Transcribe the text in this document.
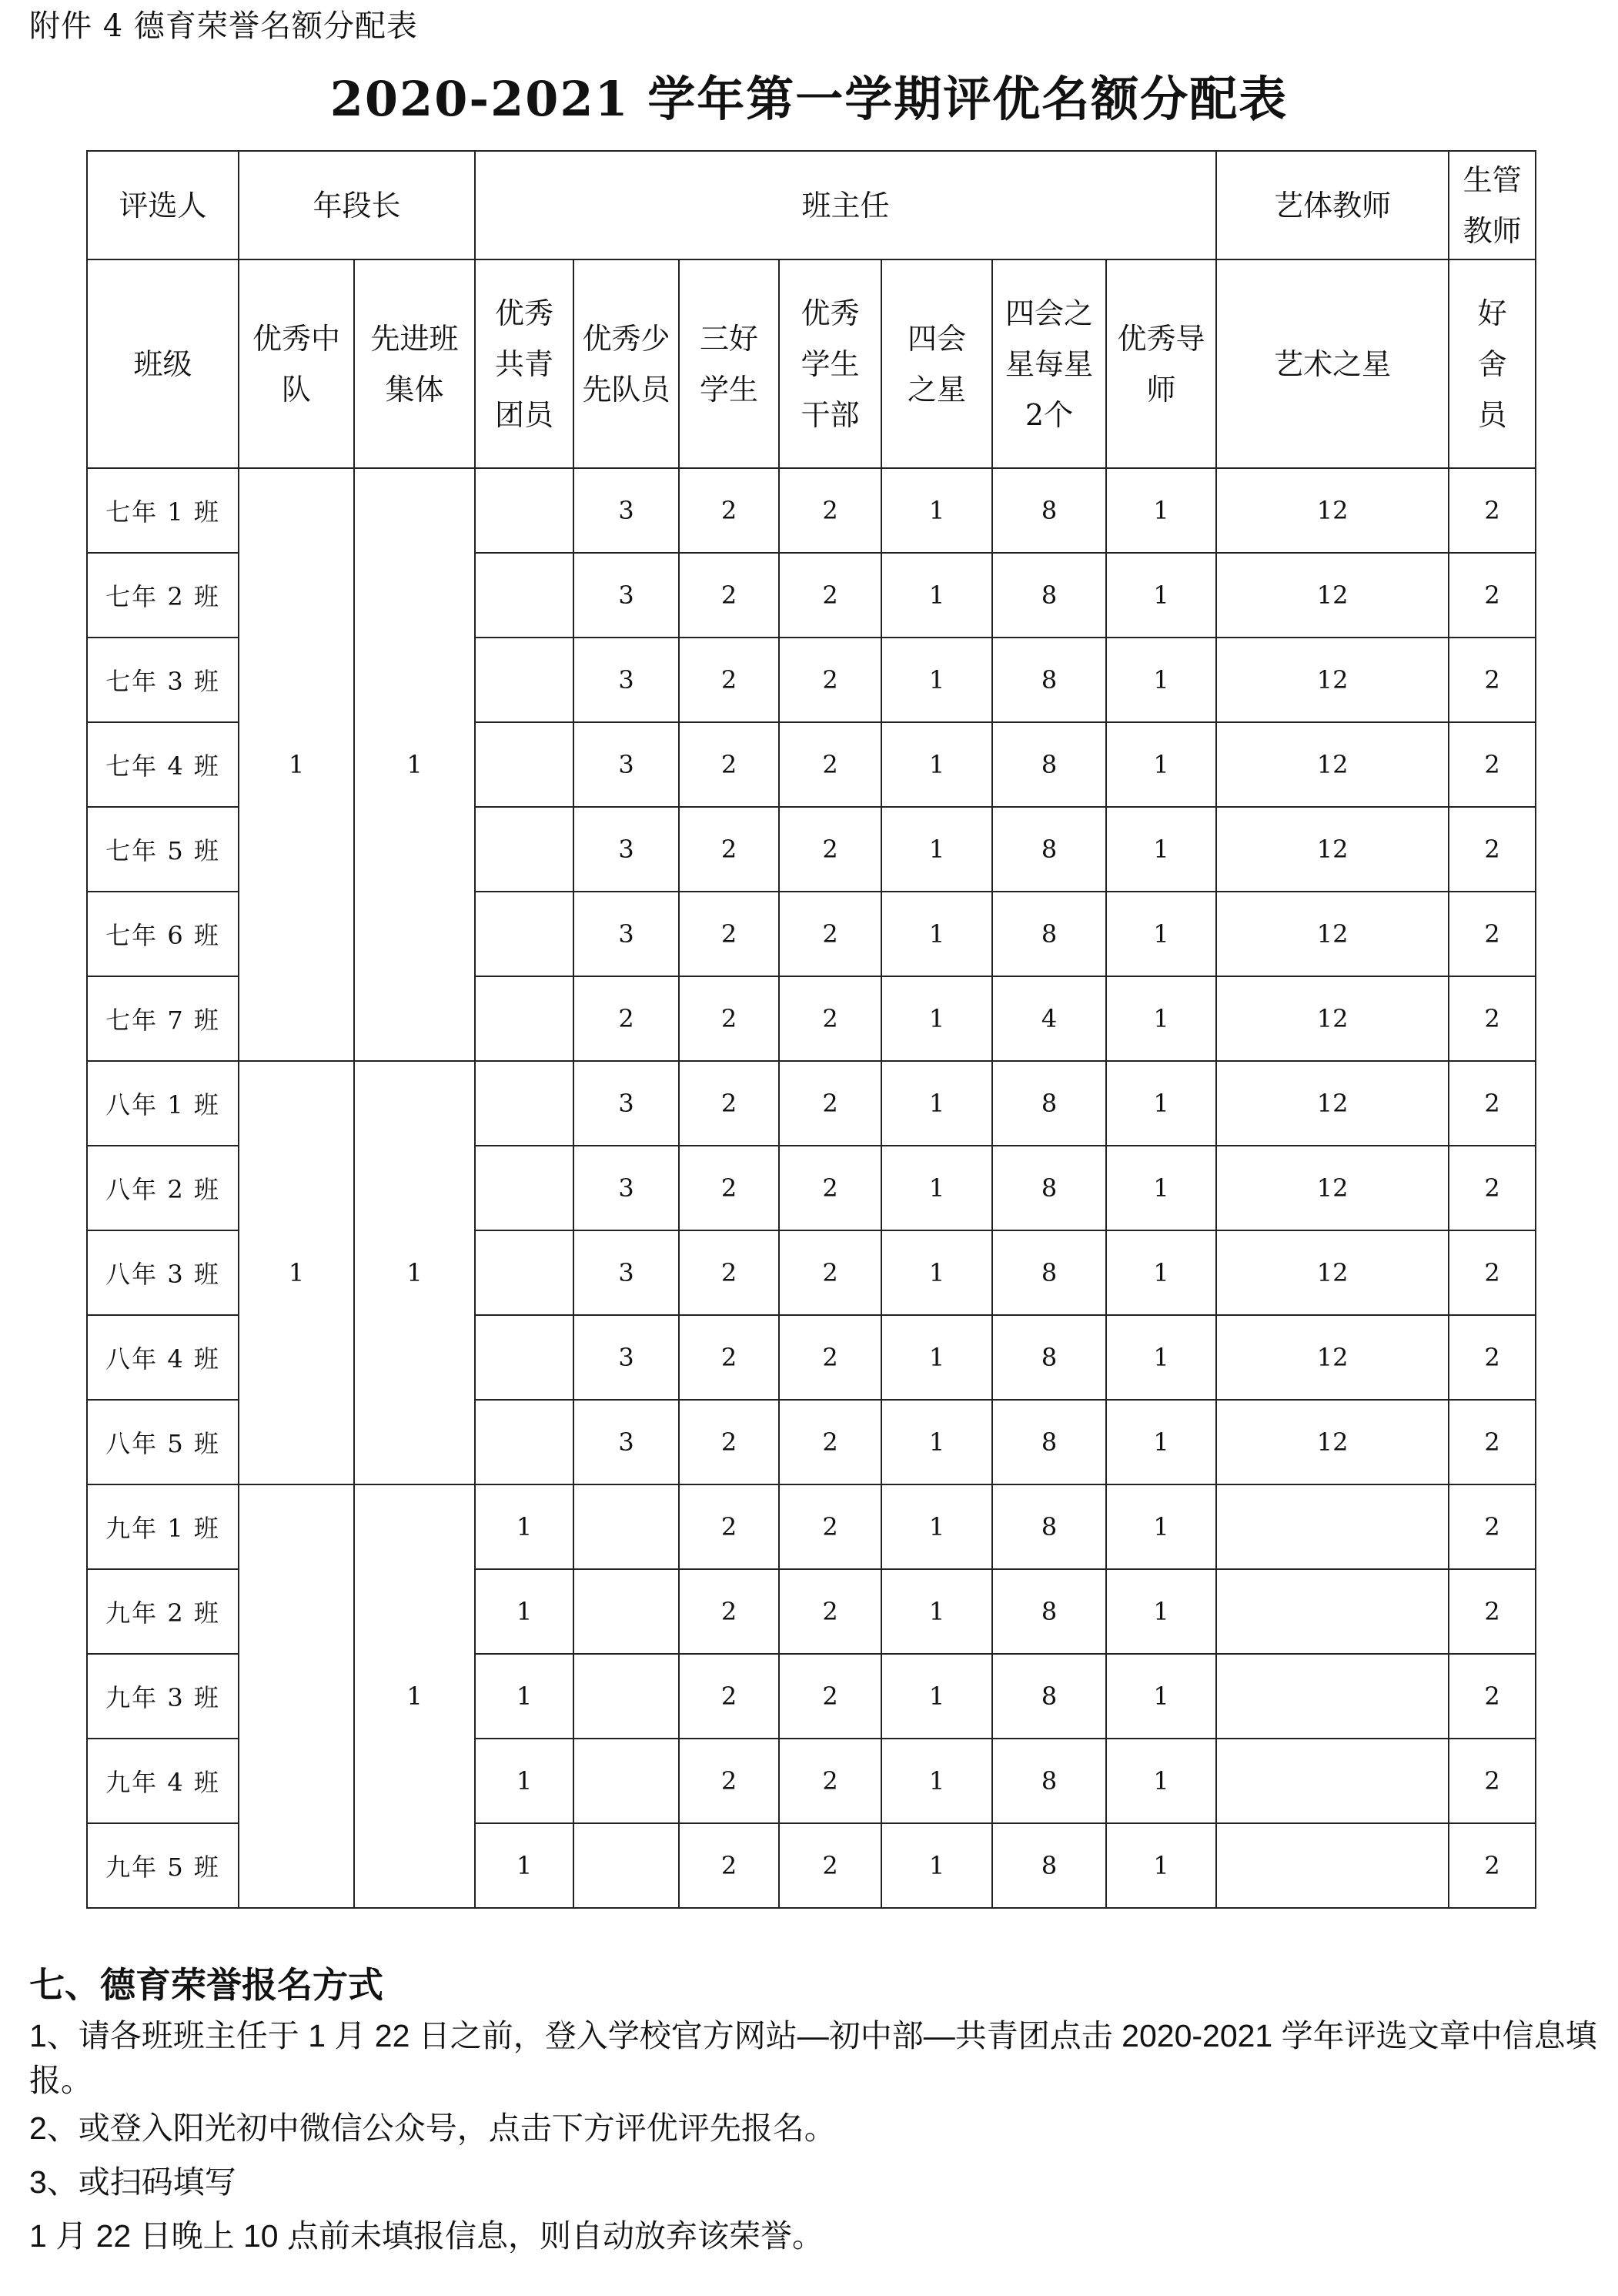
附件 4 德育荣誉名额分配表
2020-2021 学年第一学期评优名额分配表
评选人	年段长		班主任							艺体教师	生管教师
班级	优秀中队	先进班集体	优秀共青团员	优秀少先队员	三好学生	优秀学生干部	四会之星	四会之星每星2个	优秀导师	艺术之星	好舍员
七年 1 班	1	1		3	2	2	1	8	1	12	2
七年 2 班				3	2	2	1	8	1	12	2
七年 3 班				3	2	2	1	8	1	12	2
七年 4 班				3	2	2	1	8	1	12	2
七年 5 班				3	2	2	1	8	1	12	2
七年 6 班				3	2	2	1	8	1	12	2
七年 7 班				2	2	2	1	4	1	12	2
八年 1 班	1	1		3	2	2	1	8	1	12	2
八年 2 班				3	2	2	1	8	1	12	2
八年 3 班				3	2	2	1	8	1	12	2
八年 4 班				3	2	2	1	8	1	12	2
八年 5 班				3	2	2	1	8	1	12	2
九年 1 班		1	1		2	2	1	8	1		2
九年 2 班			1		2	2	1	8	1		2
九年 3 班			1		2	2	1	8	1		2
九年 4 班			1		2	2	1	8	1		2
九年 5 班			1		2	2	1	8	1		2
七、德育荣誉报名方式
1、请各班班主任于 1 月 22 日之前，登入学校官方网站—初中部—共青团点击 2020-2021 学年评选文章中信息填报。
2、或登入阳光初中微信公众号，点击下方评优评先报名。
3、或扫码填写
1 月 22 日晚上 10 点前未填报信息，则自动放弃该荣誉。
